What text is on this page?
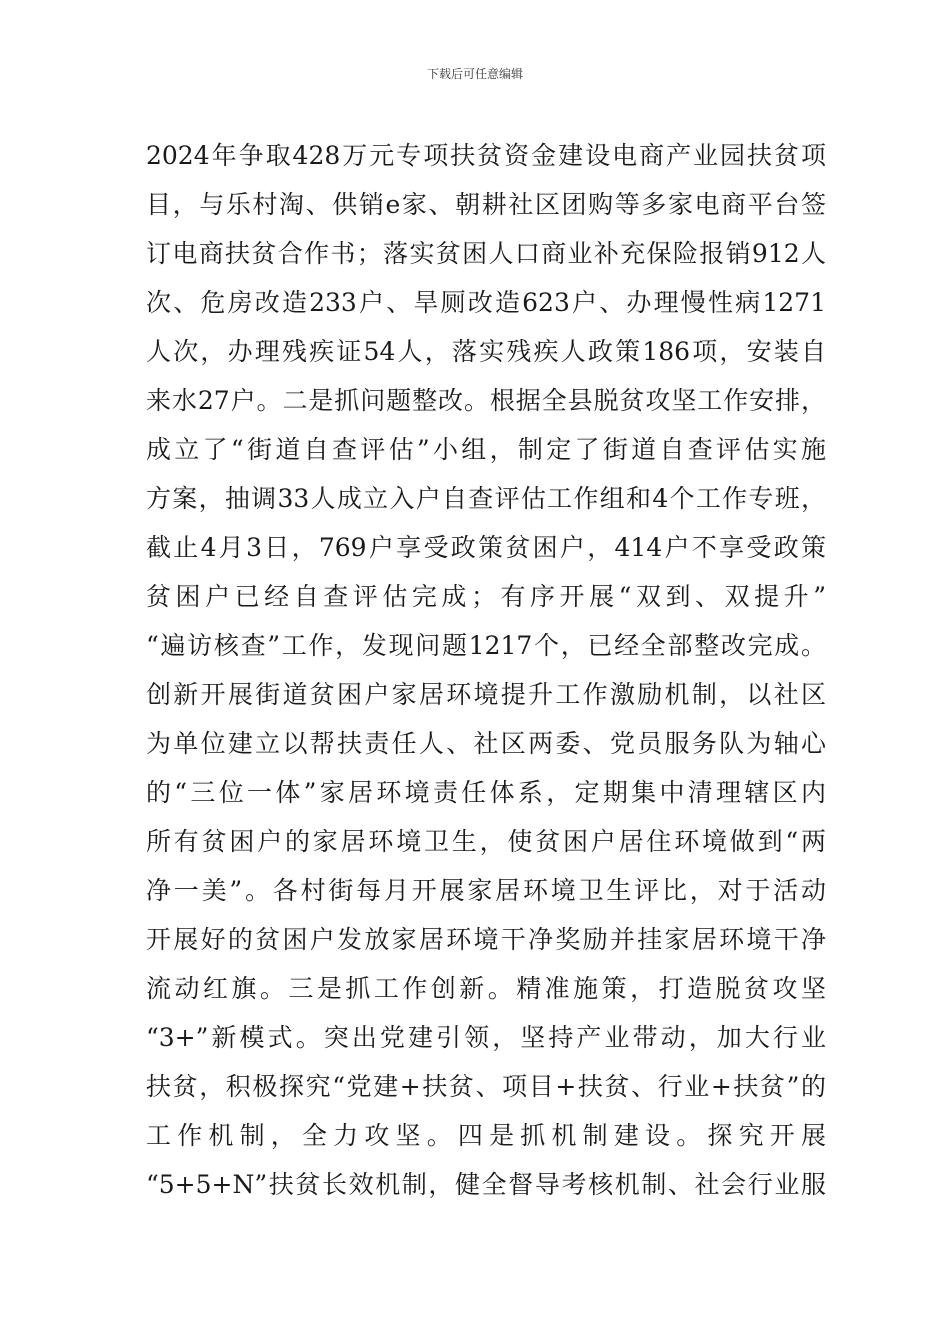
下载后可任意编辑
2024年争取428万元专项扶贫资金建设电商产业园扶贫项
目，与乐村淘、供销e家、朝耕社区团购等多家电商平台签
订电商扶贫合作书；落实贫困人口商业补充保险报销912人
次、危房改造233户、旱厕改造623户、办理慢性病1271
人次，办理残疾证54人，落实残疾人政策186项，安装自
来水27户。二是抓问题整改。根据全县脱贫攻坚工作安排，
成立了“街道自查评估”小组，制定了街道自查评估实施
方案，抽调33人成立入户自查评估工作组和4个工作专班，
截止4月3日，769户享受政策贫困户，414户不享受政策
贫困户已经自查评估完成；有序开展“双到、双提升”
“遍访核查”工作，发现问题1217个，已经全部整改完成。
创新开展街道贫困户家居环境提升工作激励机制，以社区
为单位建立以帮扶责任人、社区两委、党员服务队为轴心
的“三位一体”家居环境责任体系，定期集中清理辖区内
所有贫困户的家居环境卫生，使贫困户居住环境做到“两
净一美”。各村街每月开展家居环境卫生评比，对于活动
开展好的贫困户发放家居环境干净奖励并挂家居环境干净
流动红旗。三是抓工作创新。精准施策，打造脱贫攻坚
“3+”新模式。突出党建引领，坚持产业带动，加大行业
扶贫，积极探究“党建+扶贫、项目+扶贫、行业+扶贫”的
工作机制，全力攻坚。四是抓机制建设。探究开展
“5+5+N”扶贫长效机制，健全督导考核机制、社会行业服
